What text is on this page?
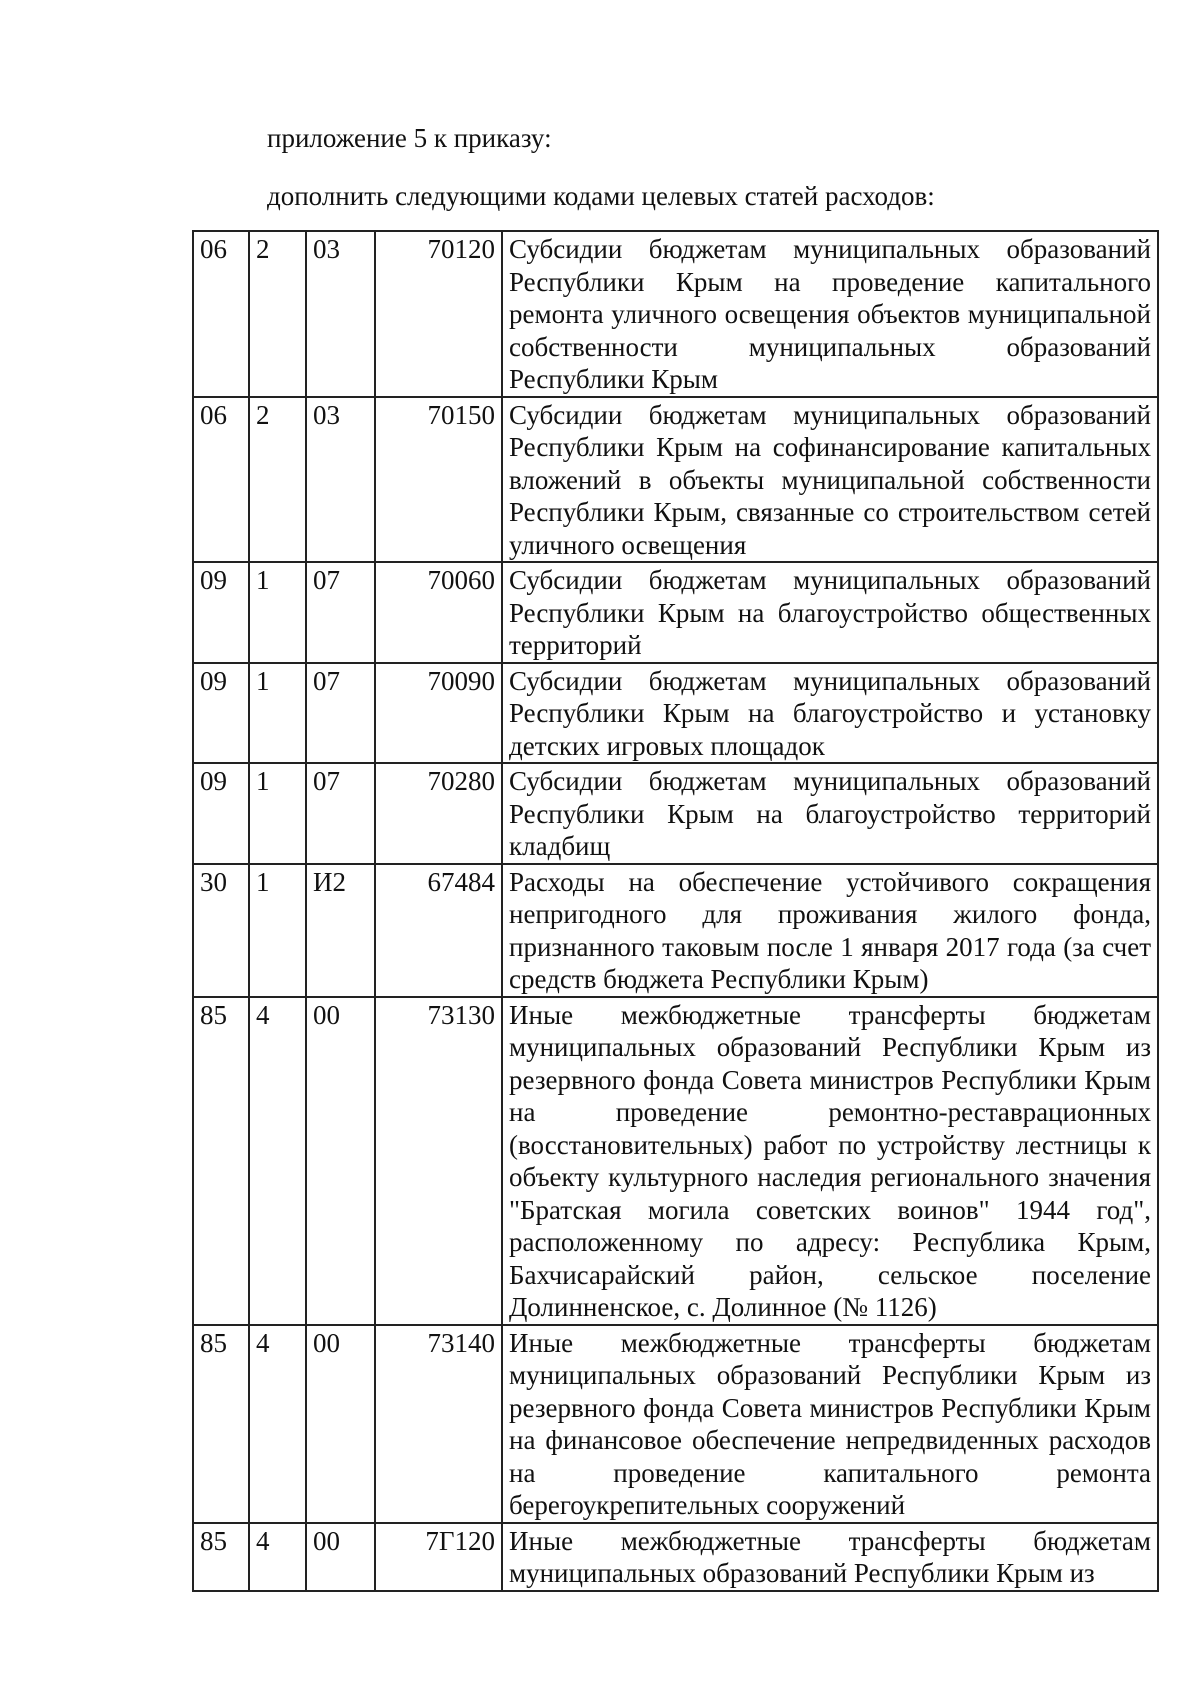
приложение 5 к приказу:
дополнить следующими кодами целевых статей расходов:
06	2	03	70120	Субсидии бюджетам муниципальных образований Республики Крым на проведение капитального ремонта уличного освещения объектов муниципальной собственности муниципальных образований Республики Крым
06	2	03	70150	Субсидии бюджетам муниципальных образований Республики Крым на софинансирование капитальных вложений в объекты муниципальной собственности Республики Крым, связанные со строительством сетей уличного освещения
09	1	07	70060	Субсидии бюджетам муниципальных образований Республики Крым на благоустройство общественных территорий
09	1	07	70090	Субсидии бюджетам муниципальных образований Республики Крым на благоустройство и установку детских игровых площадок
09	1	07	70280	Субсидии бюджетам муниципальных образований Республики Крым на благоустройство территорий кладбищ
30	1	И2	67484	Расходы на обеспечение устойчивого сокращения непригодного для проживания жилого фонда, признанного таковым после 1 января 2017 года (за счет средств бюджета Республики Крым)
85	4	00	73130	Иные межбюджетные трансферты бюджетам муниципальных образований Республики Крым из резервного фонда Совета министров Республики Крым на проведение ремонтно-реставрационных (восстановительных) работ по устройству лестницы к объекту культурного наследия регионального значения "Братская могила советских воинов" 1944 год", расположенному по адресу: Республика Крым, Бахчисарайский район, сельское поселение Долинненское, с. Долинное (№ 1126)
85	4	00	73140	Иные межбюджетные трансферты бюджетам муниципальных образований Республики Крым из резервного фонда Совета министров Республики Крым на финансовое обеспечение непредвиденных расходов на проведение капитального ремонта берегоукрепительных сооружений
85	4	00	7Г120	Иные межбюджетные трансферты бюджетам муниципальных образований Республики Крым из
